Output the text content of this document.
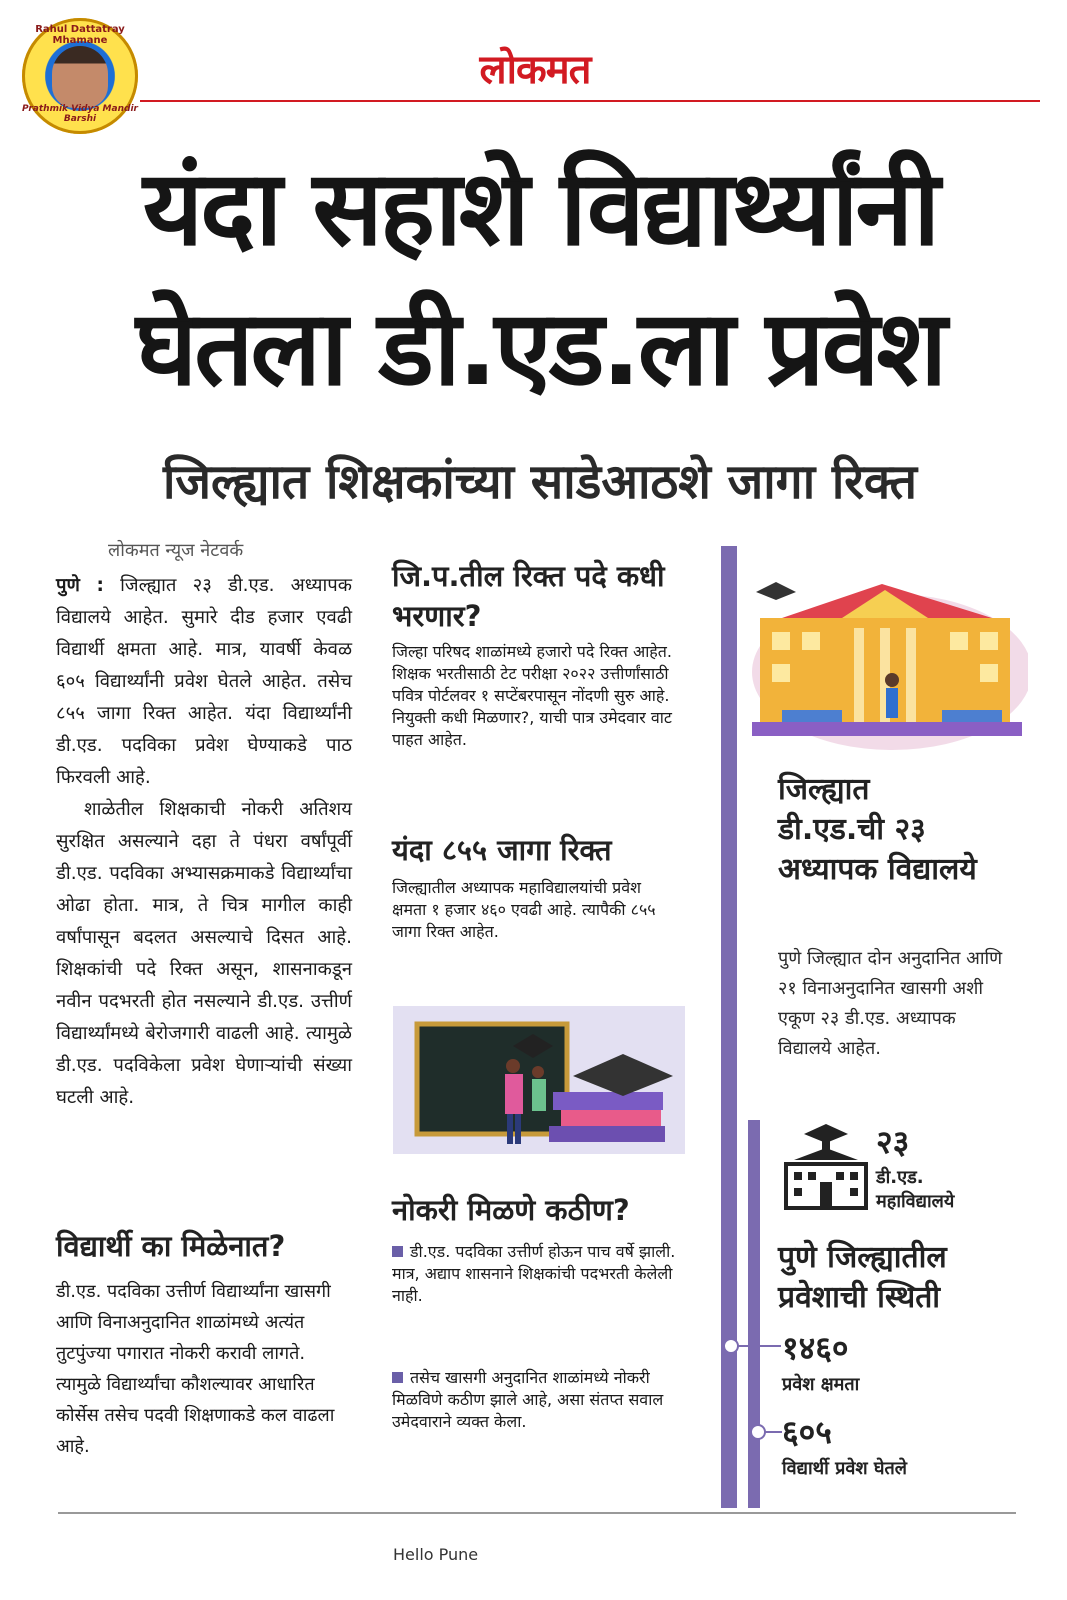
Rahul Dattatray Mhamane
Prathmik Vidya Mandir Barshi
लोकमत
यंदा सहाशे विद्यार्थ्यांनी
घेतला डी.एड.ला प्रवेश
जिल्ह्यात शिक्षकांच्या साडेआठशे जागा रिक्त
लोकमत न्यूज नेटवर्क

पुणे : जिल्ह्यात २३ डी.एड. अध्यापक विद्यालये आहेत. सुमारे दीड हजार एवढी विद्यार्थी क्षमता आहे. मात्र, यावर्षी केवळ ६०५ विद्यार्थ्यांनी प्रवेश घेतले आहेत. तसेच ८५५ जागा रिक्त आहेत. यंदा विद्यार्थ्यांनी डी.एड. पदविका प्रवेश घेण्याकडे पाठ फिरवली आहे.

शाळेतील शिक्षकाची नोकरी अतिशय सुरक्षित असल्याने दहा ते पंधरा वर्षांपूर्वी डी.एड. पदविका अभ्यासक्रमाकडे विद्यार्थ्यांचा ओढा होता. मात्र, ते चित्र मागील काही वर्षांपासून बदलत असल्याचे दिसत आहे. शिक्षकांची पदे रिक्त असून, शासनाकडून नवीन पदभरती होत नसल्याने डी.एड. उत्तीर्ण विद्यार्थ्यांमध्ये बेरोजगारी वाढली आहे. त्यामुळे डी.एड. पदविकेला प्रवेश घेणाऱ्यांची संख्या घटली आहे.

विद्यार्थी का मिळेनात?
डी.एड. पदविका उत्तीर्ण विद्यार्थ्यांना खासगी आणि विनाअनुदानित शाळांमध्ये अत्यंत तुटपुंज्या पगारात नोकरी करावी लागते. त्यामुळे विद्यार्थ्यांचा कौशल्यावर आधारित कोर्सेस तसेच पदवी शिक्षणाकडे कल वाढला आहे.
जि.प.तील रिक्त पदे कधी भरणार?
जिल्हा परिषद शाळांमध्ये हजारो पदे रिक्त आहेत. शिक्षक भरतीसाठी टेट परीक्षा २०२२ उत्तीर्णांसाठी पवित्र पोर्टलवर १ सप्टेंबरपासून नोंदणी सुरु आहे. नियुक्ती कधी मिळणार?, याची पात्र उमेदवार वाट पाहत आहेत.
यंदा ८५५ जागा रिक्त
जिल्ह्यातील अध्यापक महाविद्यालयांची प्रवेश क्षमता १ हजार ४६० एवढी आहे. त्यापैकी ८५५ जागा रिक्त आहेत.
नोकरी मिळणे कठीण?
डी.एड. पदविका उत्तीर्ण होऊन पाच वर्षे झाली. मात्र, अद्याप शासनाने शिक्षकांची पदभरती केलेली नाही.
तसेच खासगी अनुदानित शाळांमध्ये नोकरी मिळविणे कठीण झाले आहे, असा संतप्त सवाल उमेदवाराने व्यक्त केला.
जिल्ह्यात डी.एड.ची २३ अध्यापक विद्यालये
पुणे जिल्ह्यात दोन अनुदानित आणि २१ विनाअनुदानित खासगी अशी एकूण २३ डी.एड. अध्यापक विद्यालये आहेत.
२३
डी.एड. महाविद्यालये
पुणे जिल्ह्यातील प्रवेशाची स्थिती
१४६०
प्रवेश क्षमता
६०५
विद्यार्थी प्रवेश घेतले
Hello Pune
